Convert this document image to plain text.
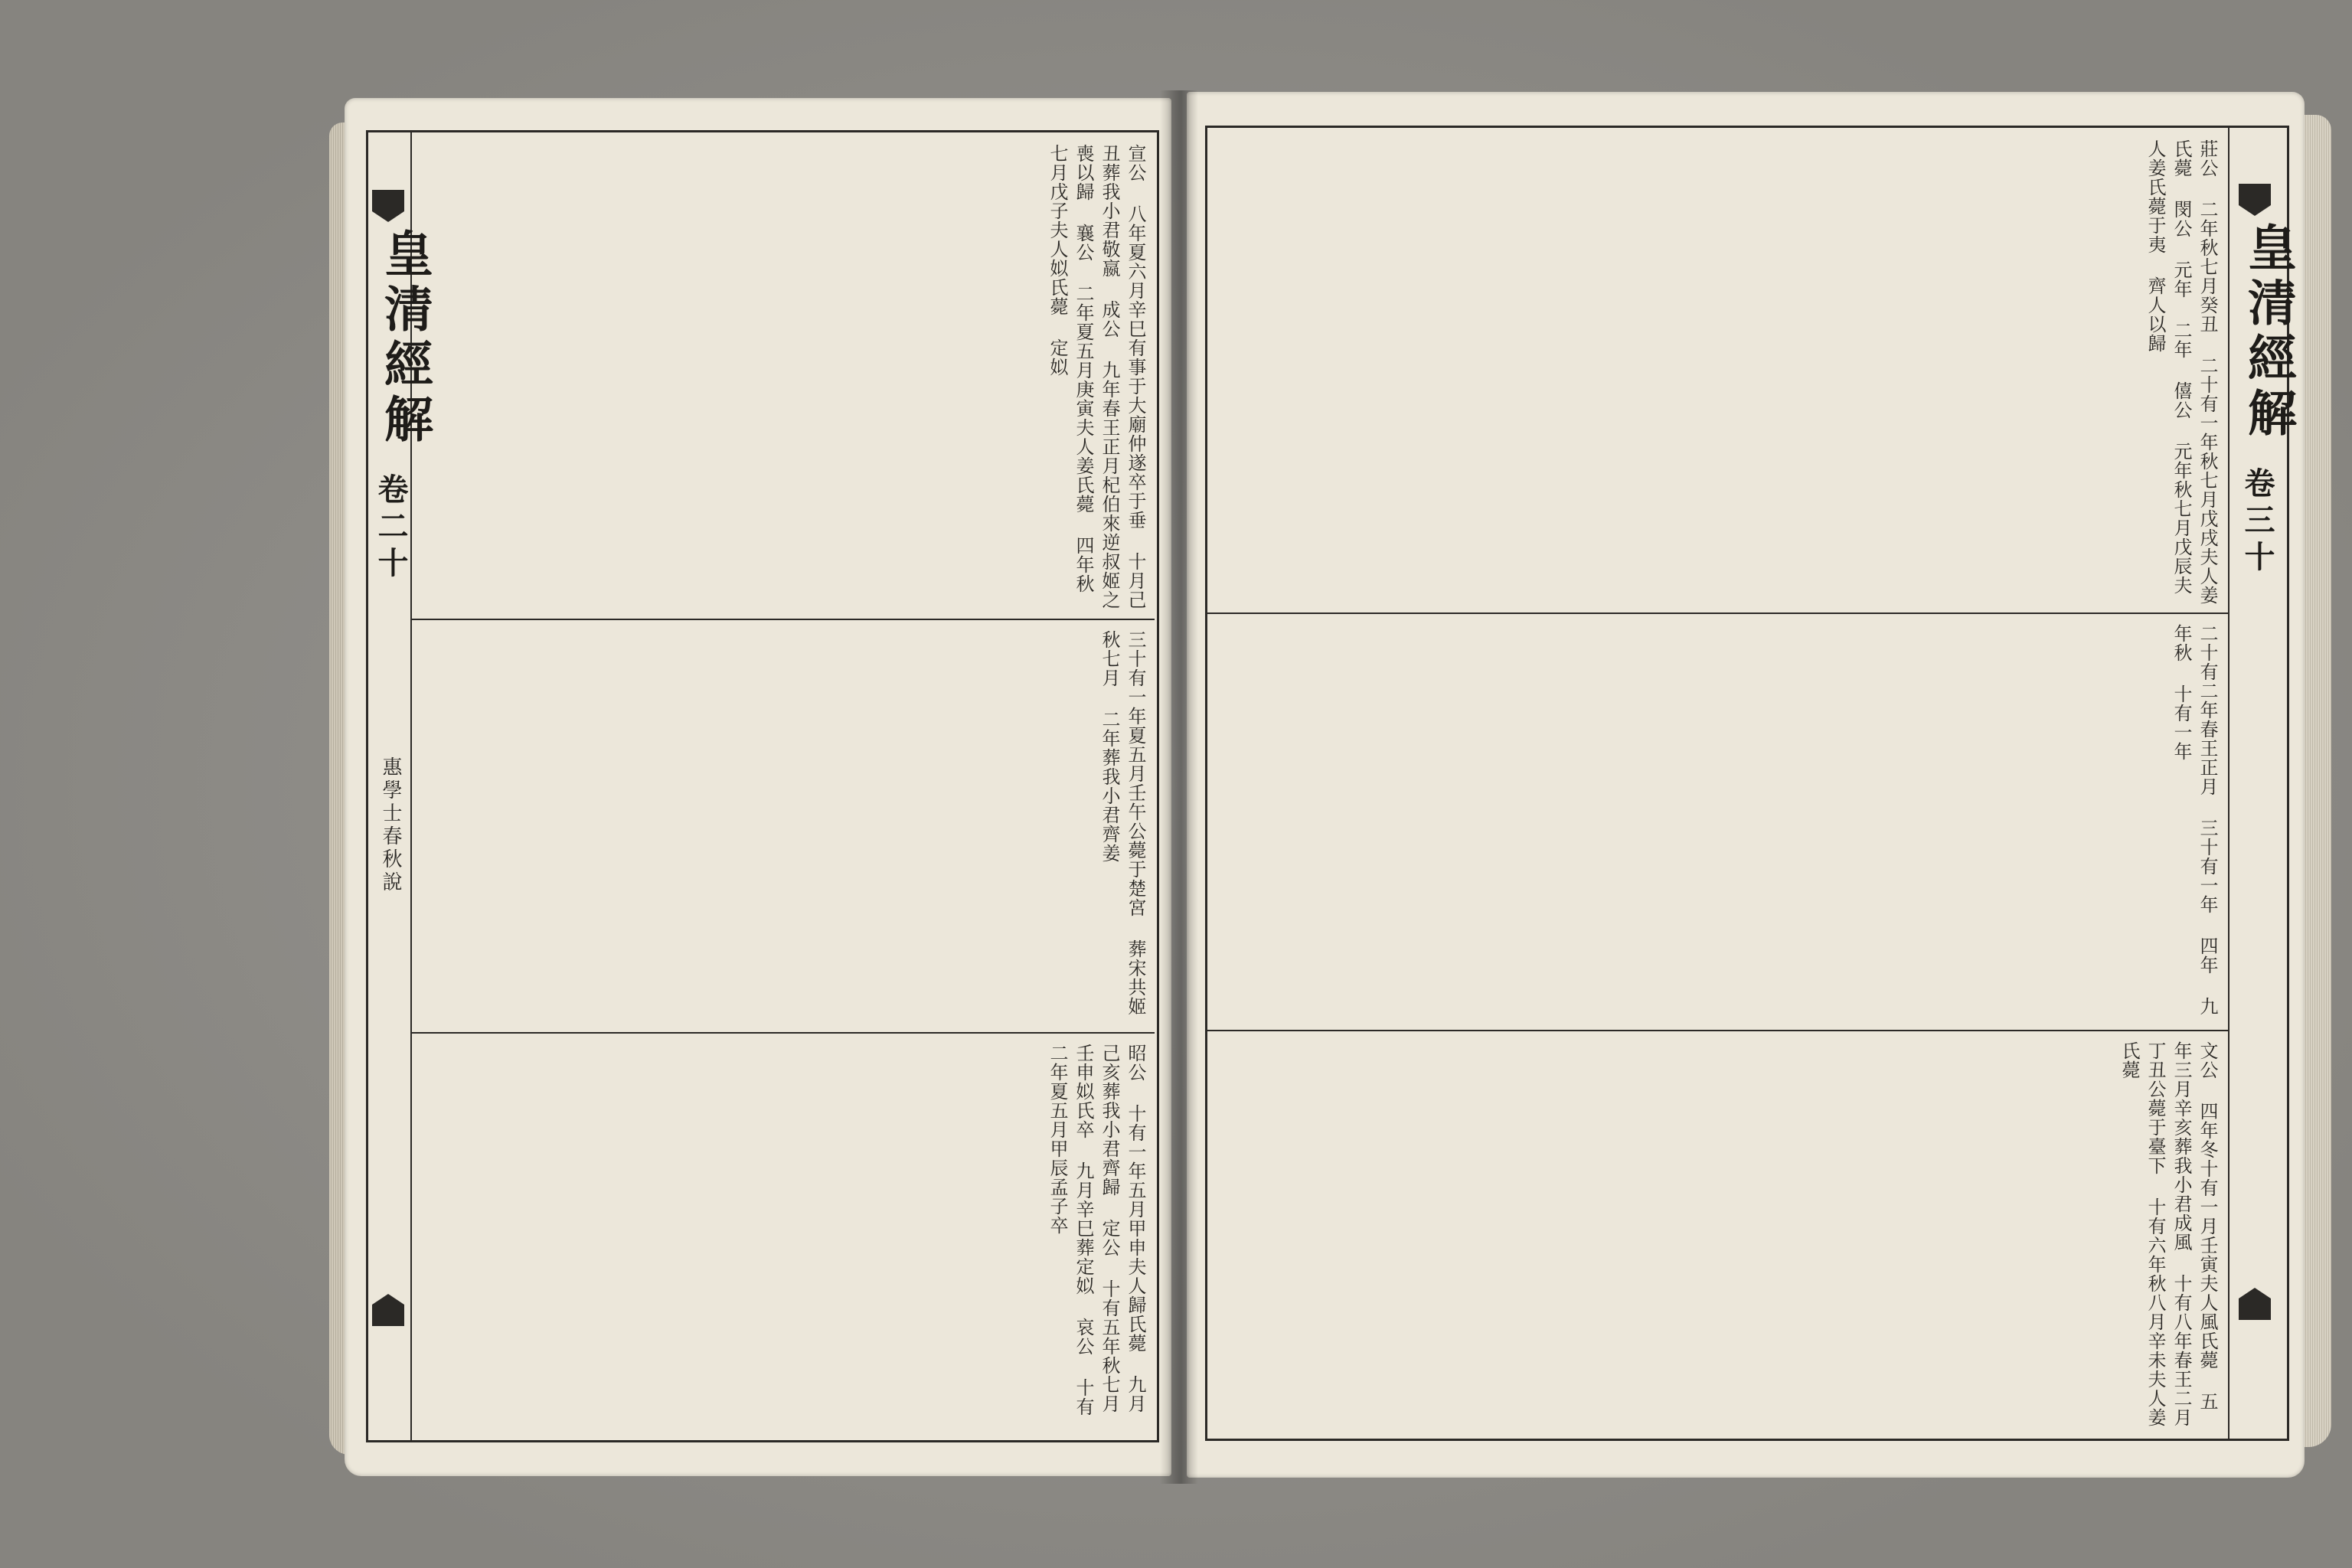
皇清經解
卷二十
惠學士春秋說
宣公 八年夏六月辛巳有事于大廟仲遂卒于垂 十月己丑葬我小君敬嬴 成公 九年春王正月杞伯來逆叔姬之喪以歸 襄公 二年夏五月庚寅夫人姜氏薨 四年秋七月戊子夫人姒氏薨 定姒
三十有一年夏五月壬午公薨于楚宮 葬宋共姬 秋七月 二年葬我小君齊姜
昭公 十有一年五月甲申夫人歸氏薨 九月己亥葬我小君齊歸 定公 十有五年秋七月壬申姒氏卒 九月辛巳葬定姒 哀公 十有二年夏五月甲辰孟子卒
皇清經解
卷三十
莊公 二年秋七月癸丑 二十有一年秋七月戊戌夫人姜氏薨 閔公 元年 二年 僖公 元年秋七月戊辰夫人姜氏薨于夷 齊人以歸
二十有二年春王正月 三十有一年 四年 九年秋 十有一年
文公 四年冬十有一月壬寅夫人風氏薨 五年三月辛亥葬我小君成風 十有八年春王二月丁丑公薨于臺下 十有六年秋八月辛未夫人姜氏薨
